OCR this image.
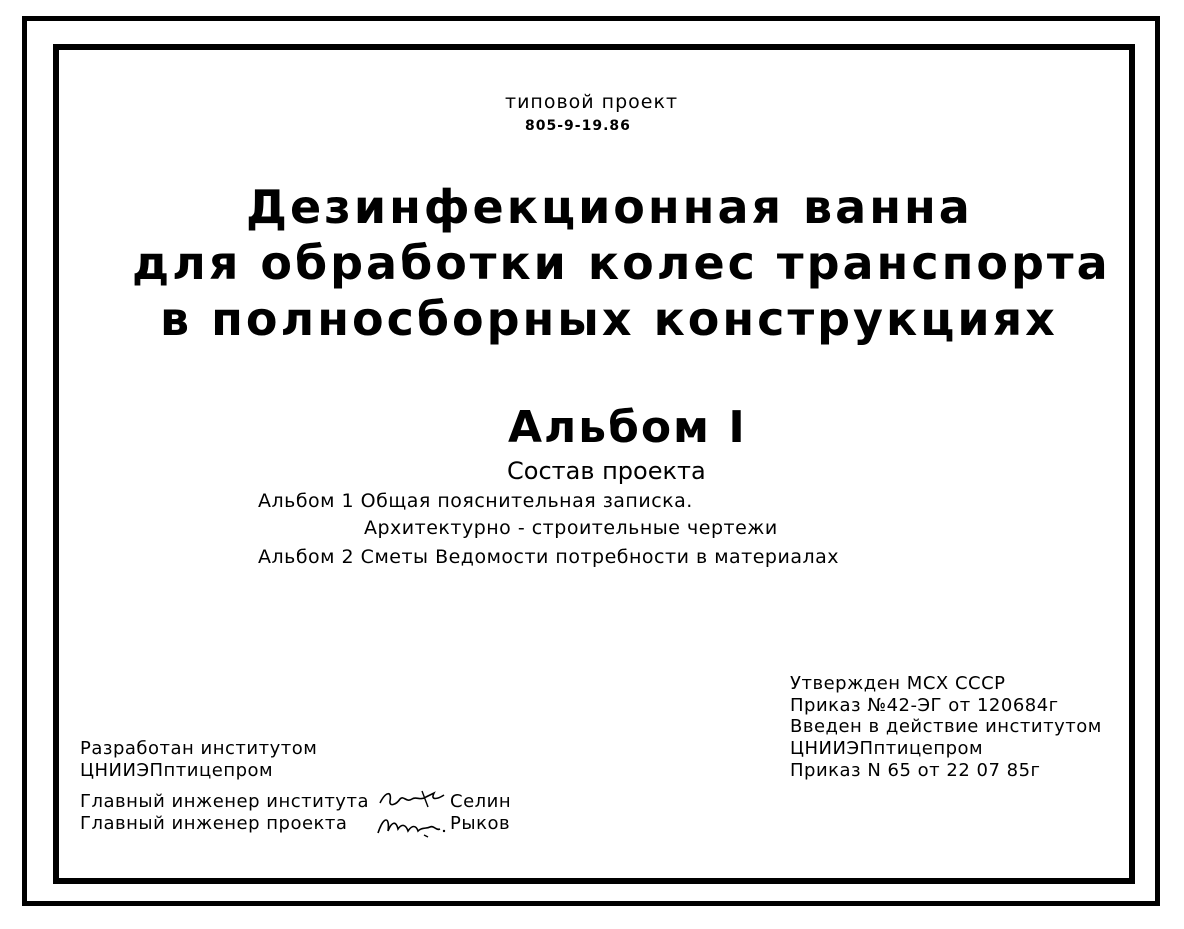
типовой проект
805-9-19.86
Дезинфекционная ванна
для обработки колес транспорта
в полносборных конструкциях
Альбом I
Состав проекта
Альбом 1 Общая пояснительная записка.
Архитектурно - строительные чертежи
Альбом 2 Сметы Ведомости потребности в материалах
Разработан институтом
ЦНИИЭПптицепром
Главный инженер института
Главный инженер проекта
Селин
Рыков
Утвержден МСХ СССР
Приказ №42-ЭГ от 120684г
Введен в действие институтом
ЦНИИЭПптицепром
Приказ N 65 от 22 07 85г
